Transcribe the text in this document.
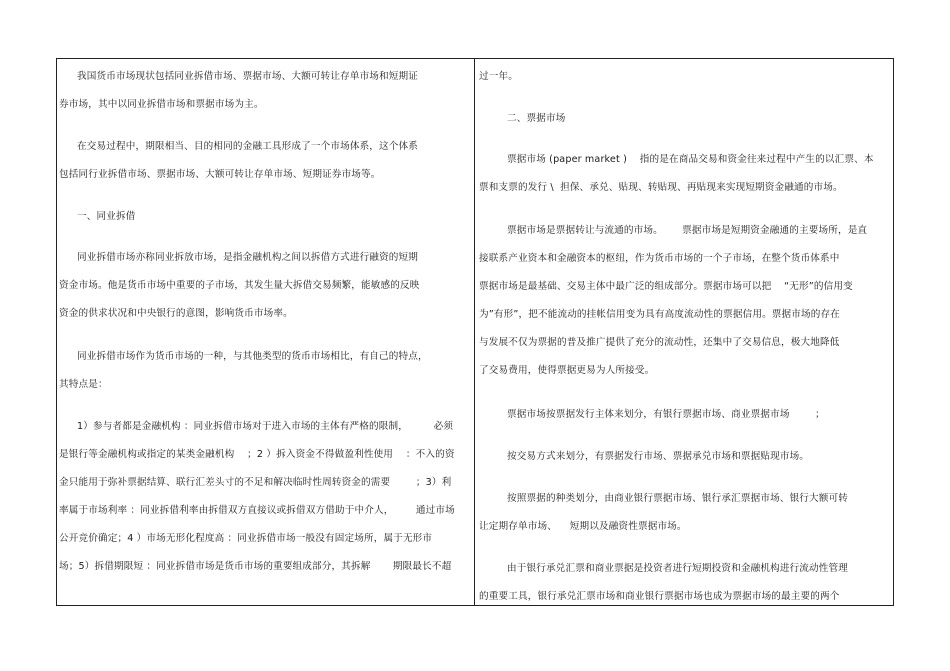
我国货币市场现状包括同业拆借市场、票据市场、大额可转让存单市场和短期证
券市场，其中以同业拆借市场和票据市场为主。
在交易过程中，期限相当、目的相同的金融工具形成了一个市场体系，这个体系
包括同行业拆借市场、票据市场、大额可转让存单市场、短期证券市场等。
一、同业拆借
同业拆借市场亦称同业拆放市场，是指金融机构之间以拆借方式进行融资的短期
资金市场。他是货币市场中重要的子市场，其发生量大拆借交易频繁，能敏感的反映
资金的供求状况和中央银行的意图，影响货币市场率。
同业拆借市场作为货币市场的一种，与其他类型的货币市场相比，有自己的特点，
其特点是：
1）参与者都是金融机构 ：同业拆借市场对于进入市场的主体有严格的限制，        必须
是银行等金融机构或指定的某类金融机构    ；2 ）拆入资金不得做盈利性使用    ：不入的资
金只能用于弥补票据结算、联行汇差头寸的不足和解决临时性周转资金的需要        ；3）利
率属于市场利率 ：同业拆借利率由拆借双方直接议或拆借双方借助于中介人，       通过市场
公开竞价确定；4 ）市场无形化程度高 ：同业拆借市场一般没有固定场所，属于无形市
场；5）拆借期限短 ：同业拆借市场是货币市场的重要组成部分，其拆解       期限最长不超
过一年。
二、票据市场
票据市场 (paper market )    指的是在商品交易和资金往来过程中产生的以汇票、本
票和支票的发行 \  担保、承兑、贴现、转贴现、再贴现来实现短期资金融通的市场。
票据市场是票据转让与流通的市场。      票据市场是短期资金融通的主要场所，是直
接联系产业资本和金融资本的枢纽，作为货币市场的一个子市场，在整个货币体系中
票据市场是最基础、交易主体中最广泛的组成部分。票据市场可以把    “无形”的信用变
为”有形”，把不能流动的挂帐信用变为具有高度流动性的票据信用。票据市场的存在
与发展不仅为票据的普及推广提供了充分的流动性，还集中了交易信息，极大地降低
了交易费用，使得票据更易为人所接受。
票据市场按票据发行主体来划分，有银行票据市场、商业票据市场        ；
按交易方式来划分，有票据发行市场、票据承兑市场和票据贴现市场。
按照票据的种类划分，由商业银行票据市场、银行承汇票据市场、银行大额可转
让定期存单市场、    短期以及融资性票据市场。
由于银行承兑汇票和商业票据是投资者进行短期投资和金融机构进行流动性管理
的重要工具，银行承兑汇票市场和商业银行票据市场也成为票据市场的最主要的两个
